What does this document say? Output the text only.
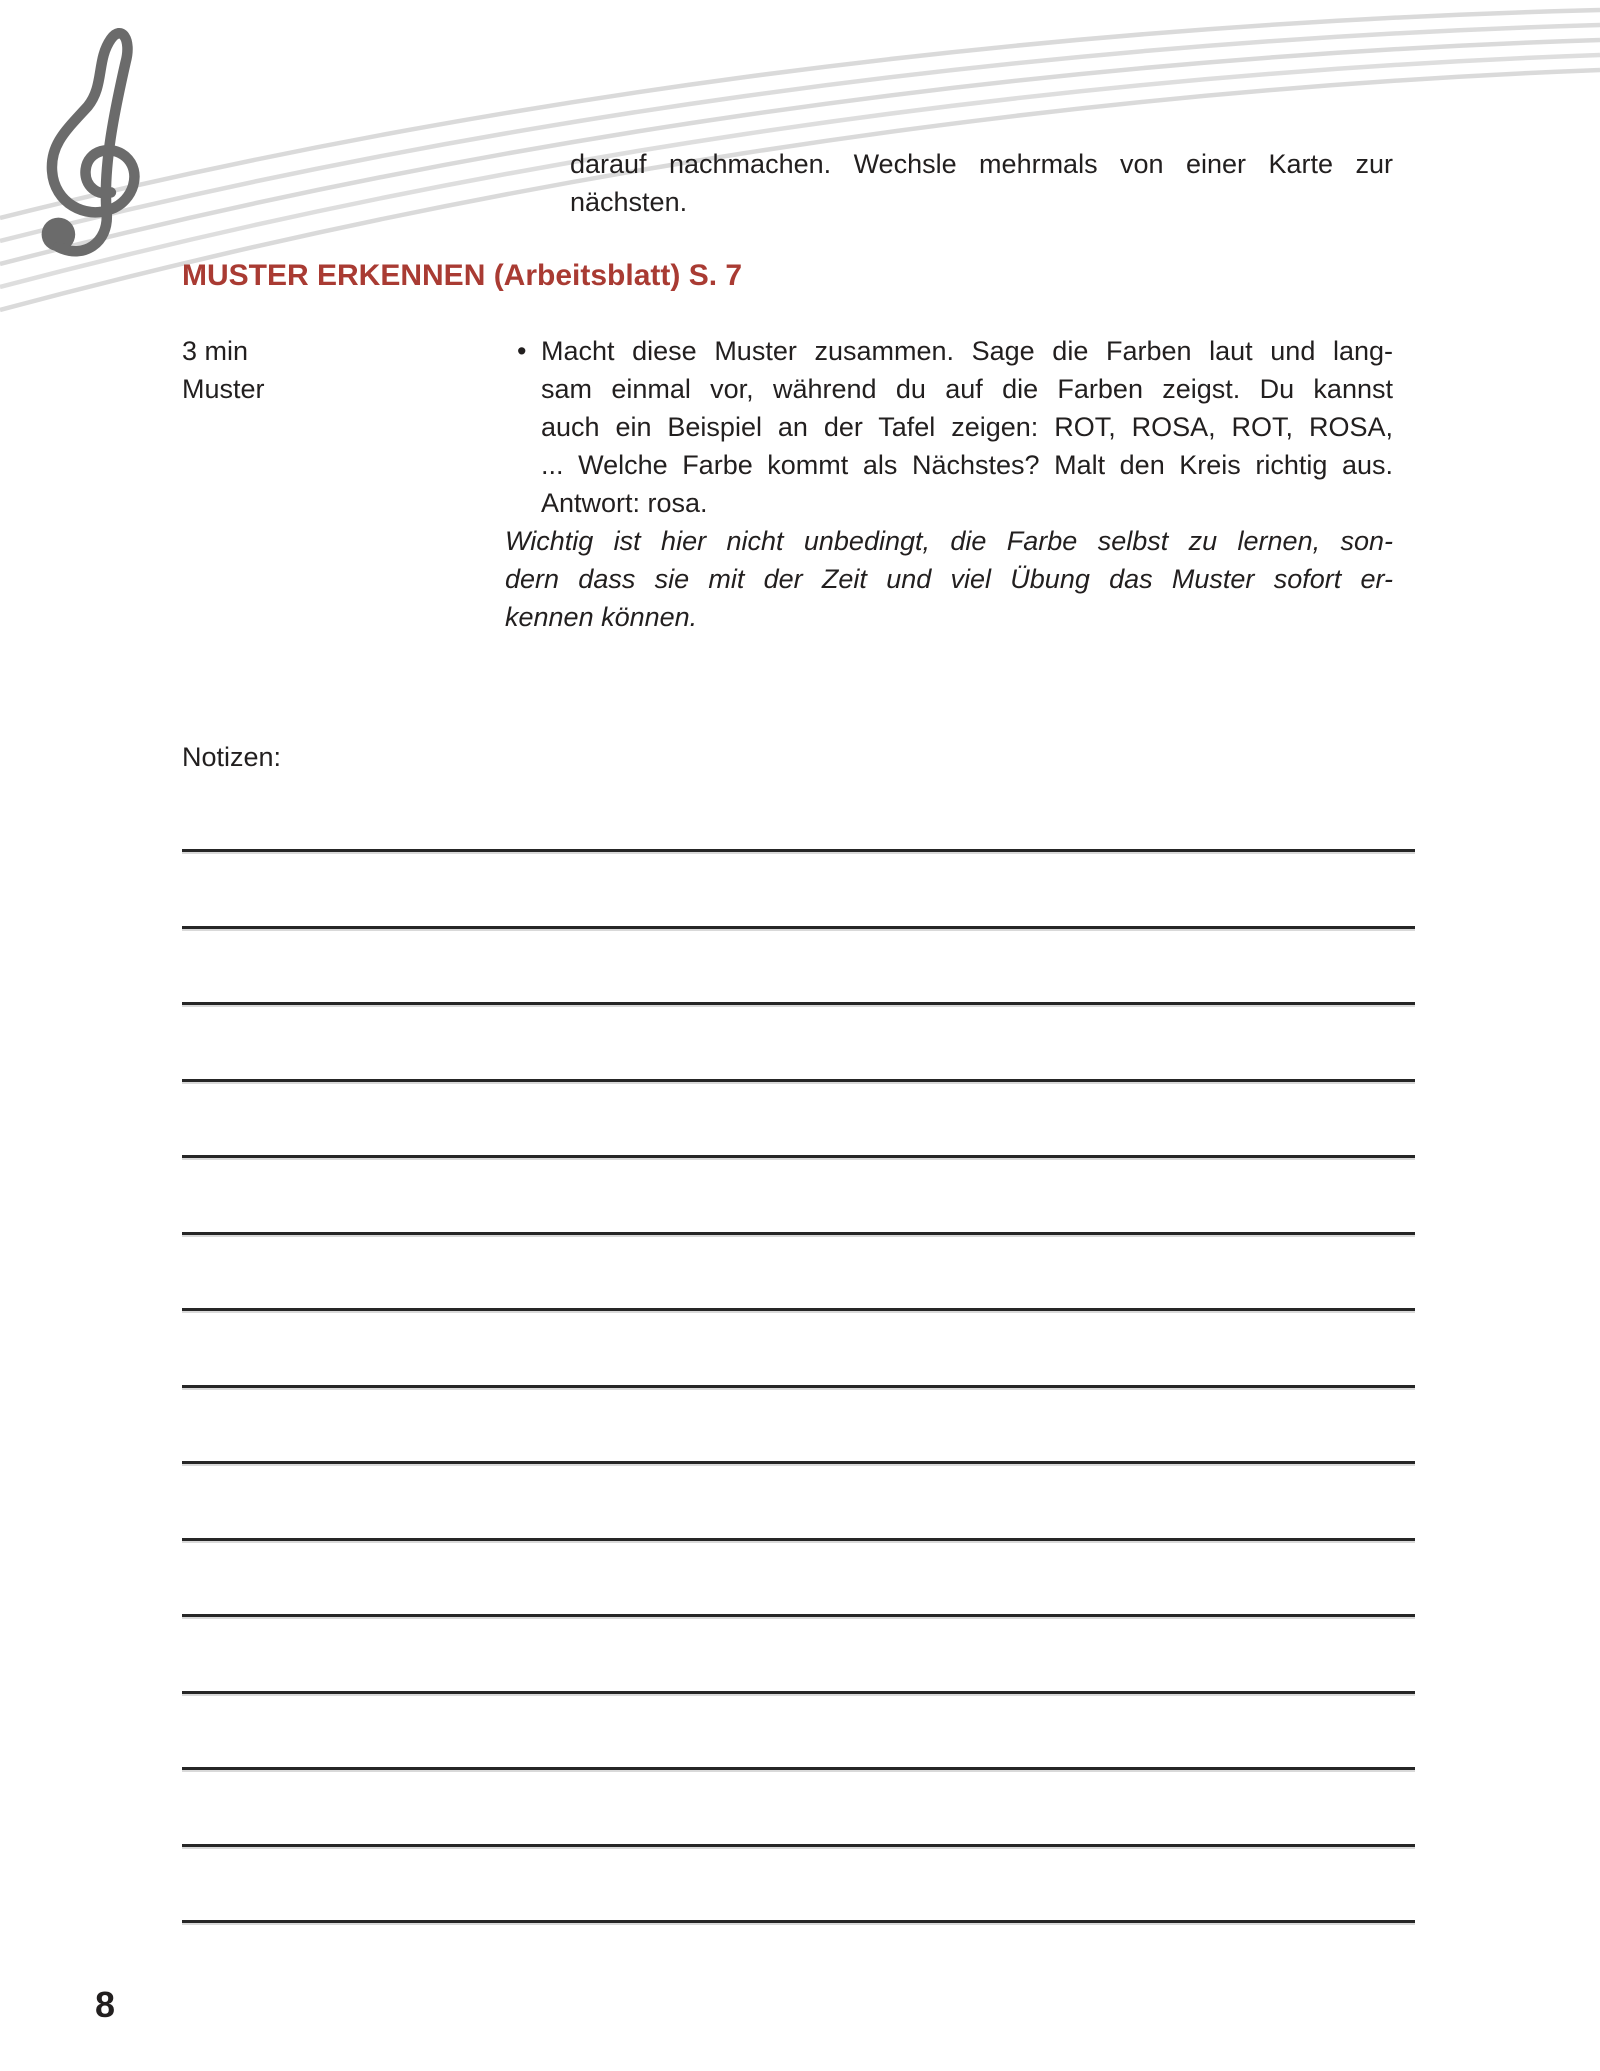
darauf nachmachen. Wechsle mehrmals von einer Karte zur
nächsten.
MUSTER ERKENNEN (Arbeitsblatt) S. 7
3 min
Muster
• Macht diese Muster zusammen. Sage die Farben laut und lang-
sam einmal vor, während du auf die Farben zeigst. Du kannst
auch ein Beispiel an der Tafel zeigen: ROT, ROSA, ROT, ROSA,
... Welche Farbe kommt als Nächstes? Malt den Kreis richtig aus.
Antwort: rosa.
Wichtig ist hier nicht unbedingt, die Farbe selbst zu lernen, son-
dern dass sie mit der Zeit und viel Übung das Muster sofort er-
kennen können.
Notizen:
8
